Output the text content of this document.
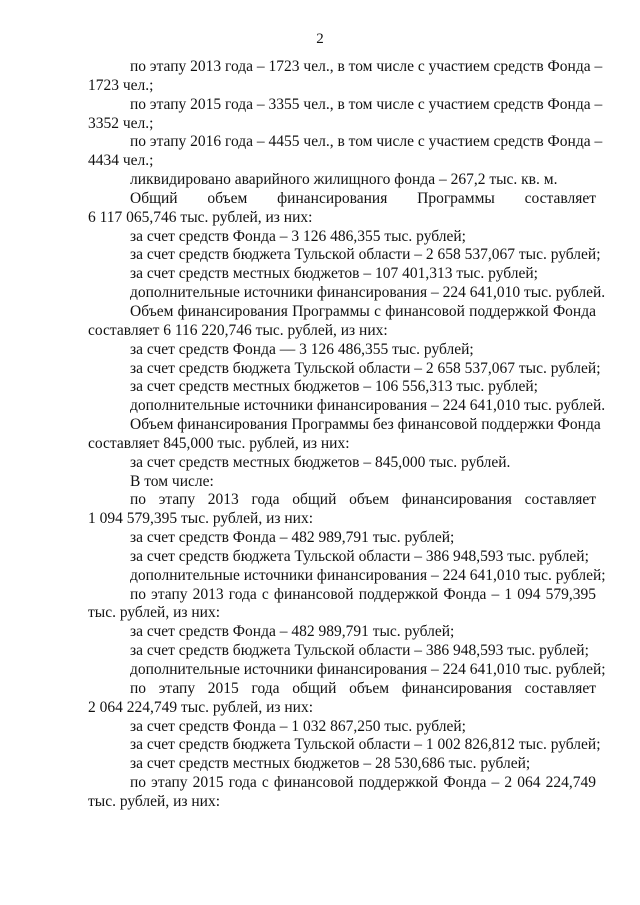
2
по этапу 2013 года – 1723 чел., в том числе с участием средств Фонда –
1723 чел.;
по этапу 2015 года – 3355 чел., в том числе с участием средств Фонда –
3352 чел.;
по этапу 2016 года – 4455 чел., в том числе с участием средств Фонда –
4434 чел.;
ликвидировано аварийного жилищного фонда – 267,2 тыс. кв. м.
Общий объем финансирования Программы составляет
6 117 065,746 тыс. рублей, из них:
за счет средств Фонда – 3 126 486,355 тыс. рублей;
за счет средств бюджета Тульской области – 2 658 537,067 тыс. рублей;
за счет средств местных бюджетов – 107 401,313 тыс. рублей;
дополнительные источники финансирования – 224 641,010 тыс. рублей.
Объем финансирования Программы с финансовой поддержкой Фонда
составляет 6 116 220,746 тыс. рублей, из них:
за счет средств Фонда — 3 126 486,355 тыс. рублей;
за счет средств бюджета Тульской области – 2 658 537,067 тыс. рублей;
за счет средств местных бюджетов – 106 556,313 тыс. рублей;
дополнительные источники финансирования – 224 641,010 тыс. рублей.
Объем финансирования Программы без финансовой поддержки Фонда
составляет 845,000 тыс. рублей, из них:
за счет средств местных бюджетов – 845,000 тыс. рублей.
В том числе:
по этапу 2013 года общий объем финансирования составляет
1 094 579,395 тыс. рублей, из них:
за счет средств Фонда – 482 989,791 тыс. рублей;
за счет средств бюджета Тульской области – 386 948,593 тыс. рублей;
дополнительные источники финансирования – 224 641,010 тыс. рублей;
по этапу 2013 года с финансовой поддержкой Фонда – 1 094 579,395
тыс. рублей, из них:
за счет средств Фонда – 482 989,791 тыс. рублей;
за счет средств бюджета Тульской области – 386 948,593 тыс. рублей;
дополнительные источники финансирования – 224 641,010 тыс. рублей;
по этапу 2015 года общий объем финансирования составляет
2 064 224,749 тыс. рублей, из них:
за счет средств Фонда – 1 032 867,250 тыс. рублей;
за счет средств бюджета Тульской области – 1 002 826,812 тыс. рублей;
за счет средств местных бюджетов – 28 530,686 тыс. рублей;
по этапу 2015 года с финансовой поддержкой Фонда – 2 064 224,749
тыс. рублей, из них:
